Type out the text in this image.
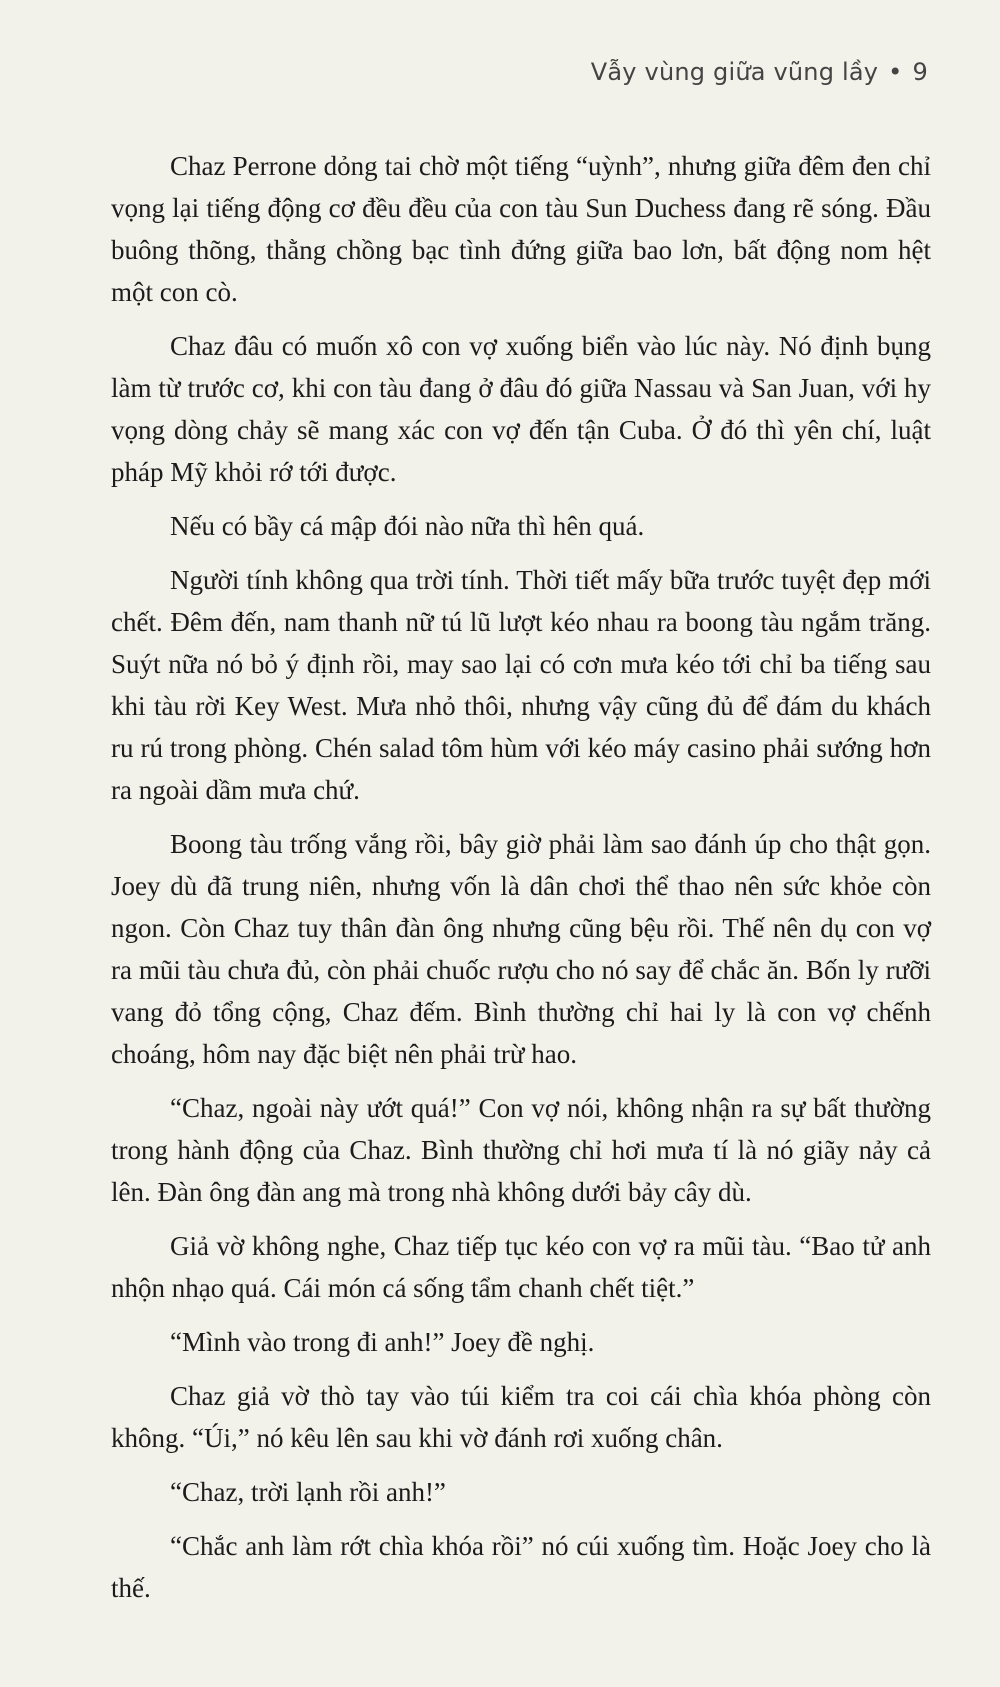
Vẫy vùng giữa vũng lầy • 9

Chaz Perrone dỏng tai chờ một tiếng “uỳnh”, nhưng giữa đêm đen chỉ vọng lại tiếng động cơ đều đều của con tàu Sun Duchess đang rẽ sóng. Đầu buông thõng, thằng chồng bạc tình đứng giữa bao lơn, bất động nom hệt một con cò.

Chaz đâu có muốn xô con vợ xuống biển vào lúc này. Nó định bụng làm từ trước cơ, khi con tàu đang ở đâu đó giữa Nassau và San Juan, với hy vọng dòng chảy sẽ mang xác con vợ đến tận Cuba. Ở đó thì yên chí, luật pháp Mỹ khỏi rớ tới được.

Nếu có bầy cá mập đói nào nữa thì hên quá.

Người tính không qua trời tính. Thời tiết mấy bữa trước tuyệt đẹp mới chết. Đêm đến, nam thanh nữ tú lũ lượt kéo nhau ra boong tàu ngắm trăng. Suýt nữa nó bỏ ý định rồi, may sao lại có cơn mưa kéo tới chỉ ba tiếng sau khi tàu rời Key West. Mưa nhỏ thôi, nhưng vậy cũng đủ để đám du khách ru rú trong phòng. Chén salad tôm hùm với kéo máy casino phải sướng hơn ra ngoài dầm mưa chứ.

Boong tàu trống vắng rồi, bây giờ phải làm sao đánh úp cho thật gọn. Joey dù đã trung niên, nhưng vốn là dân chơi thể thao nên sức khỏe còn ngon. Còn Chaz tuy thân đàn ông nhưng cũng bệu rồi. Thế nên dụ con vợ ra mũi tàu chưa đủ, còn phải chuốc rượu cho nó say để chắc ăn. Bốn ly rưỡi vang đỏ tổng cộng, Chaz đếm. Bình thường chỉ hai ly là con vợ chếnh choáng, hôm nay đặc biệt nên phải trừ hao.

“Chaz, ngoài này ướt quá!” Con vợ nói, không nhận ra sự bất thường trong hành động của Chaz. Bình thường chỉ hơi mưa tí là nó giãy nảy cả lên. Đàn ông đàn ang mà trong nhà không dưới bảy cây dù.

Giả vờ không nghe, Chaz tiếp tục kéo con vợ ra mũi tàu. “Bao tử anh nhộn nhạo quá. Cái món cá sống tẩm chanh chết tiệt.”

“Mình vào trong đi anh!” Joey đề nghị.

Chaz giả vờ thò tay vào túi kiểm tra coi cái chìa khóa phòng còn không. “Úi,” nó kêu lên sau khi vờ đánh rơi xuống chân.

“Chaz, trời lạnh rồi anh!”

“Chắc anh làm rớt chìa khóa rồi” nó cúi xuống tìm. Hoặc Joey cho là thế.
